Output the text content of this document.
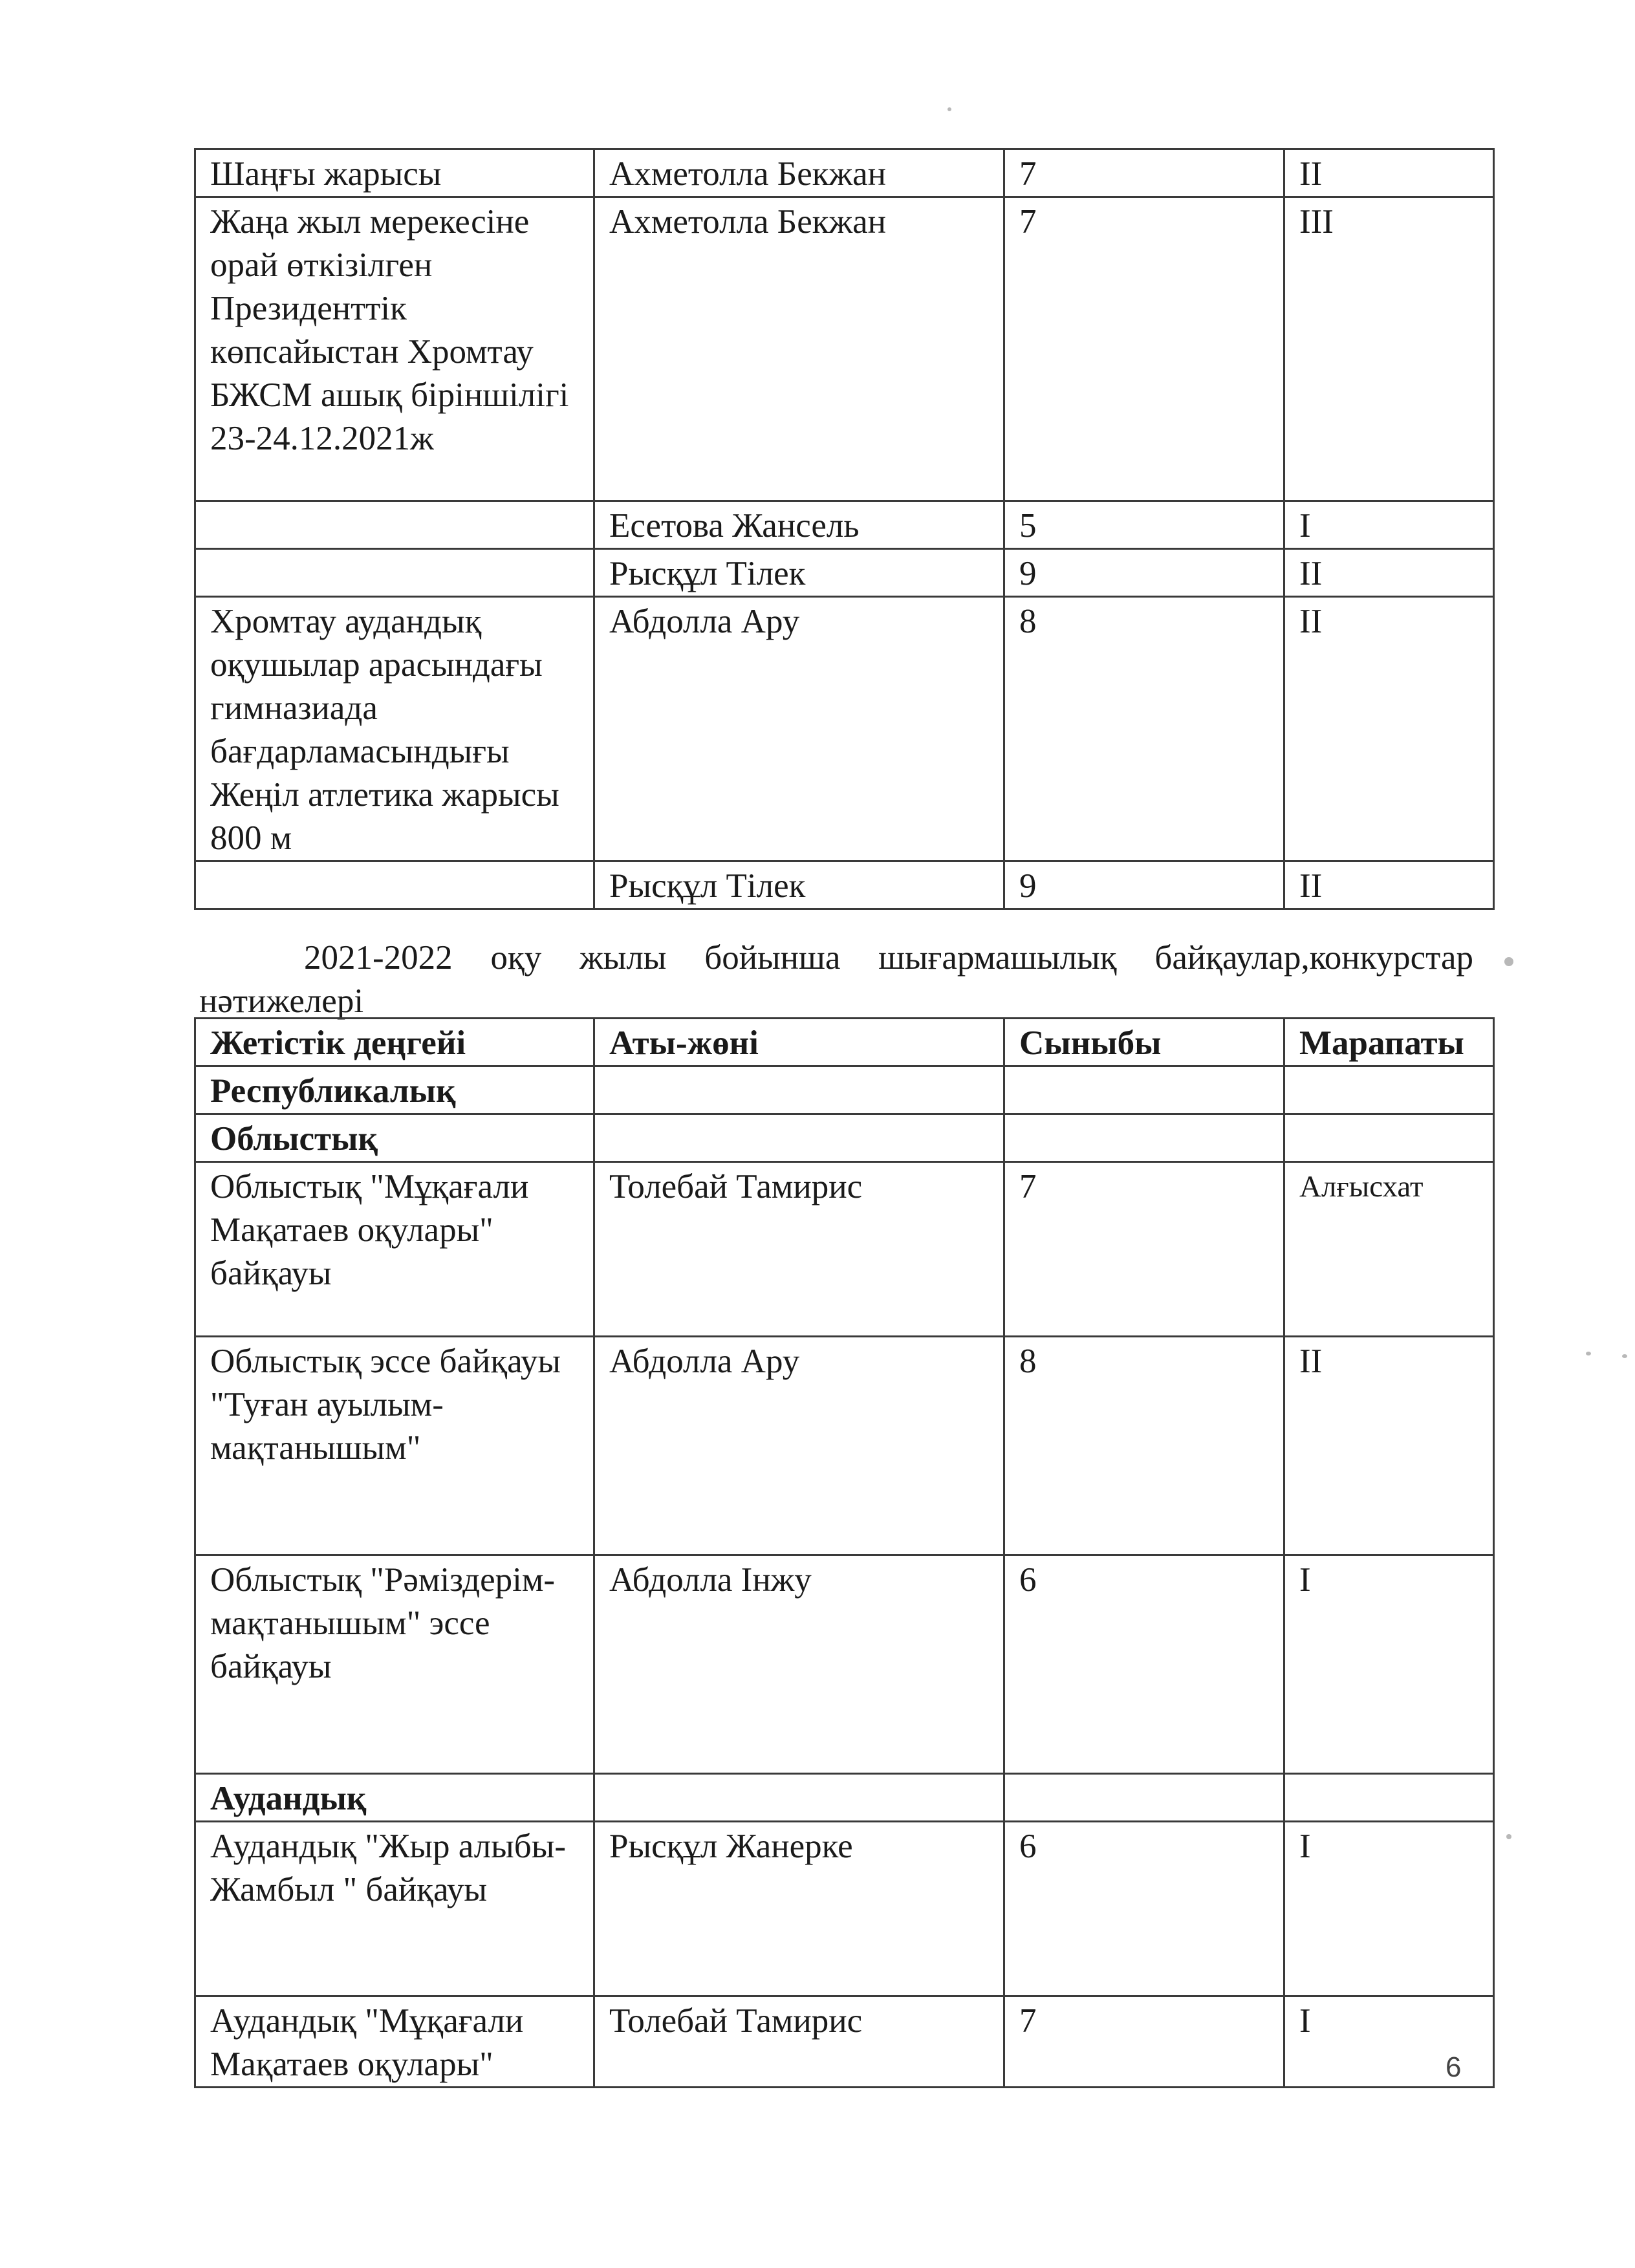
Шаңғы жарысы	Ахметолла Бекжан	7	II
Жаңа жыл мерекесіне орай өткізілген Президенттік көпсайыстан Хромтау БЖСМ ашық біріншілігі 23-24.12.2021ж	Ахметолла Бекжан	7	III
	Есетова Жансель	5	I
	Рысқұл Тілек	9	II
Хромтау аудандық оқушылар арасындағы гимназиада бағдарламасындығы Жеңіл атлетика жарысы 800 м	Абдолла Ару	8	II
	Рысқұл Тілек	9	II
2021-2022 оқу жылы бойынша шығармашылық байқаулар,конкурстар
нәтижелері
Жетістік деңгейі	Аты-жөні	Сыныбы	Марапаты
Республикалық			
Облыстық			
Облыстық "Мұқағали Мақатаев оқулары" байқауы	Толебай Тамирис	7	Алғысхат
Облыстық эссе байқауы "Туған ауылым-мақтанышым"	Абдолла Ару	8	II
Облыстық "Рәміздерім-мақтанышым" эссе байқауы	Абдолла Інжу	6	I
Аудандық			
Аудандық "Жыр алыбы-Жамбыл " байқауы	Рысқұл Жанерке	6	I
Аудандық "Мұқағали Мақатаев оқулары"	Толебай Тамирис	7	I
6
